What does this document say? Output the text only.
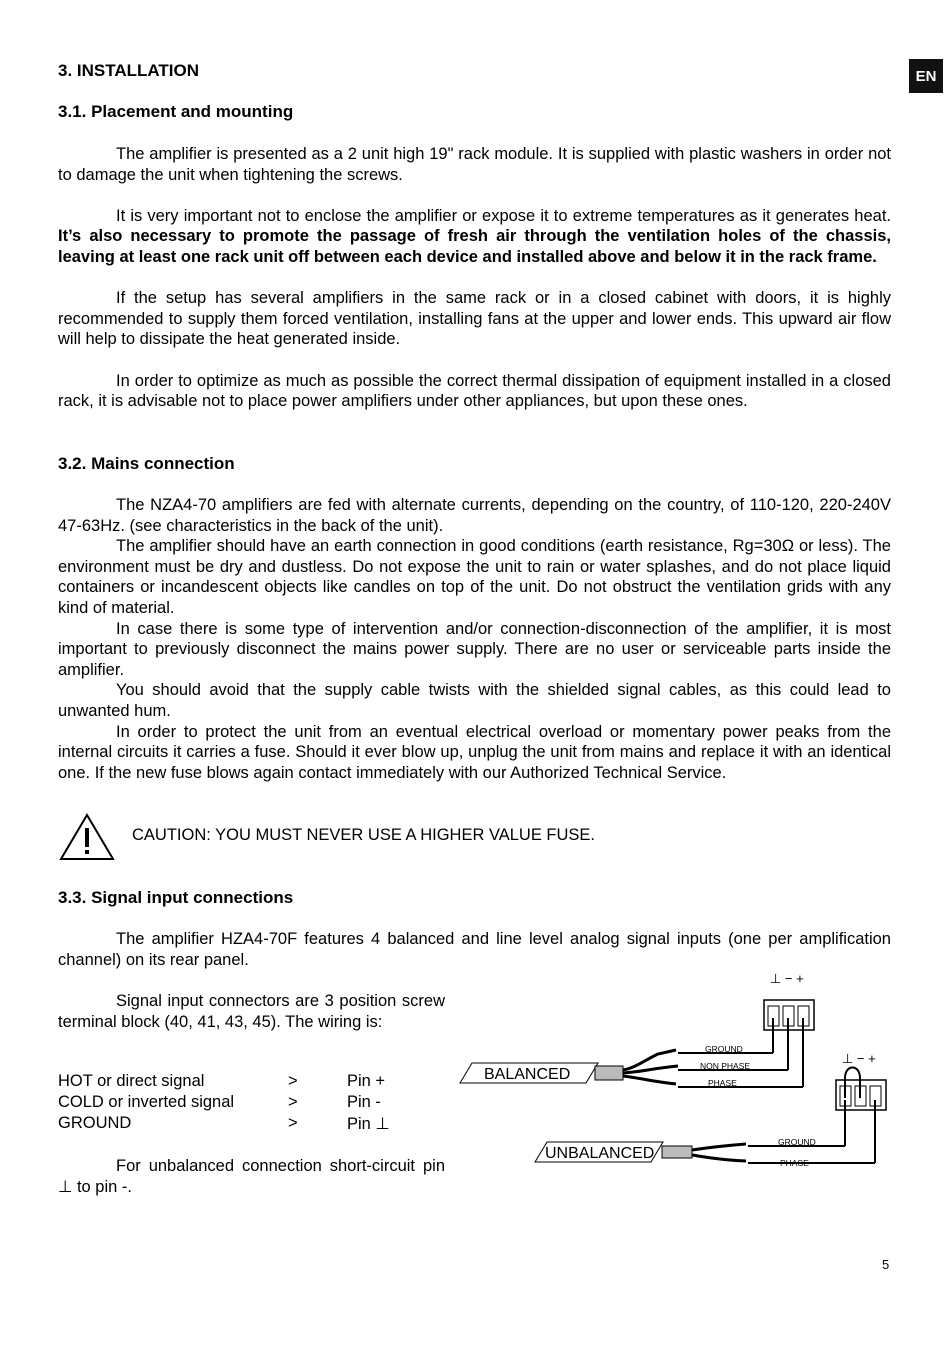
EN
3. INSTALLATION
3.1. Placement and mounting

The amplifier is presented as a 2 unit high 19" rack module. It is supplied with plastic washers in order not to damage the unit when tightening the screws.

It is very important not to enclose the amplifier or expose it to extreme temperatures as it generates heat. It’s also necessary to promote the passage of fresh air through the ventilation holes of the chassis, leaving at least one rack unit off between each device and installed above and below it in the rack frame.

If the setup has several amplifiers in the same rack or in a closed cabinet with doors, it is highly recommended to supply them forced ventilation, installing fans at the upper and lower ends. This upward air flow will help to dissipate the heat generated inside.

In order to optimize as much as possible the correct thermal dissipation of equipment installed in a closed rack, it is advisable not to place power amplifiers under other appliances, but upon these ones.

3.2. Mains connection

The NZA4-70 amplifiers are fed with alternate currents, depending on the country, of 110-120, 220-240V 47-63Hz. (see characteristics in the back of the unit).

The amplifier should have an earth connection in good conditions (earth resistance, Rg=30Ω or less). The environment must be dry and dustless. Do not expose the unit to rain or water splashes, and do not place liquid containers or incandescent objects like candles on top of the unit. Do not obstruct the ventilation grids with any kind of material.

In case there is some type of intervention and/or connection-disconnection of the amplifier, it is most important to previously disconnect the mains power supply. There are no user or serviceable parts inside the amplifier.

You should avoid that the supply cable twists with the shielded signal cables, as this could lead to unwanted hum.

In order to protect the unit from an eventual electrical overload or momentary power peaks from the internal circuits it carries a fuse. Should it ever blow up, unplug the unit from mains and replace it with an identical one. If the new fuse blows again contact immediately with our Authorized Technical Service.

CAUTION: YOU MUST NEVER USE A HIGHER VALUE FUSE.
3.3. Signal input connections

The amplifier HZA4-70F features 4 balanced and line level analog signal inputs (one per amplification channel) on its rear panel.

Signal input connectors are 3 position screw terminal block (40, 41, 43, 45). The wiring is:

HOT or direct signal	>	Pin +
COLD or inverted signal	>	Pin -
GROUND	>	Pin ⊥

For unbalanced connection short-circuit pin ⊥ to pin -.

⊥ − +
BALANCED
GROUND
NON PHASE
PHASE
⊥ − +
UNBALANCED
GROUND
PHASE
5
